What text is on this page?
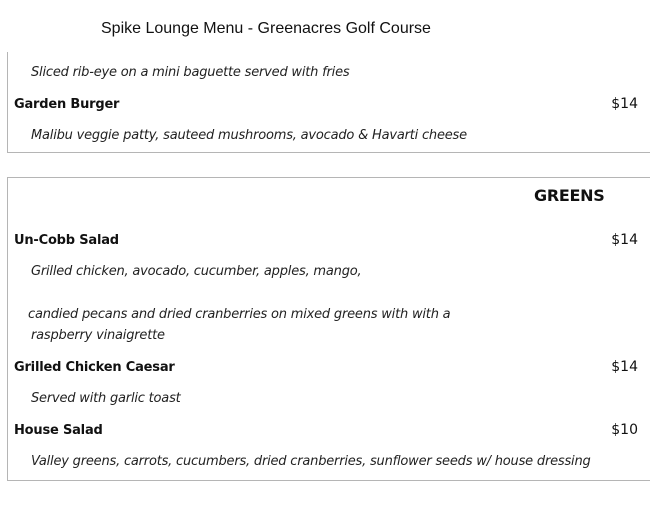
Spike Lounge Menu - Greenacres Golf Course
Sliced rib-eye on a mini baguette served with fries
Garden Burger	$14
Malibu veggie patty, sauteed mushrooms, avocado & Havarti cheese
GREENS
Un-Cobb Salad	$14
Grilled chicken, avocado, cucumber, apples, mango,
candied pecans and dried cranberries on mixed greens with with a
raspberry vinaigrette
Grilled Chicken Caesar	$14
Served with garlic toast
House Salad	$10
Valley greens, carrots, cucumbers, dried cranberries, sunflower seeds w/ house dressing
